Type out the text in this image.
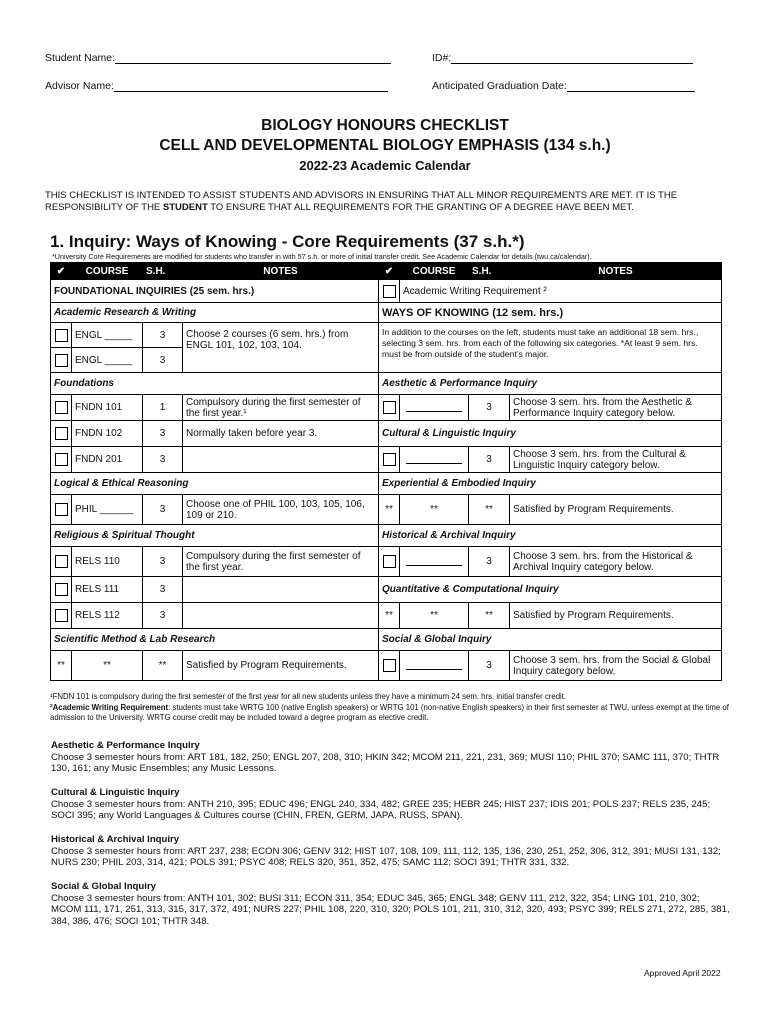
Student Name:	ID#:
Advisor Name:	Anticipated Graduation Date:
BIOLOGY HONOURS CHECKLIST
CELL AND DEVELOPMENTAL BIOLOGY EMPHASIS (134 s.h.)
2022-23 Academic Calendar
THIS CHECKLIST IS INTENDED TO ASSIST STUDENTS AND ADVISORS IN ENSURING THAT ALL MINOR REQUIREMENTS ARE MET. IT IS THE RESPONSIBILITY OF THE STUDENT TO ENSURE THAT ALL REQUIREMENTS FOR THE GRANTING OF A DEGREE HAVE BEEN MET.
1. Inquiry: Ways of Knowing - Core Requirements (37 s.h.*)
*University Core Requirements are modified for students who transfer in with 57 s.h. or more of initial transfer credit. See Academic Calendar for details (twu.ca/calendar).
✔	COURSE	S.H.	NOTES
FOUNDATIONAL INQUIRIES (25 sem. hrs.)			
Academic Research & Writing			
	ENGL _____	3	Choose 2 courses (6 sem. hrs.) from ENGL 101, 102, 103, 104.
	ENGL _____	3	
Foundations			
	FNDN 101	1	Compulsory during the first semester of the first year.¹
	FNDN 102	3	Normally taken before year 3.
	FNDN 201	3	
Logical & Ethical Reasoning			
	PHIL ______	3	Choose one of PHIL 100, 103, 105, 106, 109 or 210.
Religious & Spiritual Thought			
	RELS 110	3	Compulsory during the first semester of the first year.
	RELS 111	3	
	RELS 112	3	
Scientific Method & Lab Research			
**	**	**	Satisfied by Program Requirements.
✔	COURSE	S.H.	NOTES
	Academic Writing Requirement ²		
WAYS OF KNOWING (12 sem. hrs.)			
In addition to the courses on the left, students must take an additional 18 sem. hrs., selecting 3 sem. hrs. from each of the following six categories. *At least 9 sem. hrs. must be from outside of the student’s major.			
Aesthetic & Performance Inquiry			
		3	Choose 3 sem. hrs. from the Aesthetic & Performance Inquiry category below.
Cultural & Linguistic Inquiry			
		3	Choose 3 sem. hrs. from the Cultural & Linguistic Inquiry category below.
Experiential & Embodied Inquiry			
**	**	**	Satisfied by Program Requirements.
Historical & Archival Inquiry			
		3	Choose 3 sem. hrs. from the Historical & Archival Inquiry category below.
Quantitative & Computational Inquiry			
**	**	**	Satisfied by Program Requirements.
Social & Global Inquiry			
		3	Choose 3 sem. hrs. from the Social & Global Inquiry category below.
¹FNDN 101 is compulsory during the first semester of the first year for all new students unless they have a minimum 24 sem. hrs. initial transfer credit.
²Academic Writing Requirement: students must take WRTG 100 (native English speakers) or WRTG 101 (non-native English speakers) in their first semester at TWU, unless exempt at the time of admission to the University. WRTG course credit may be included toward a degree program as elective credit.
Aesthetic & Performance Inquiry
Choose 3 semester hours from: ART 181, 182, 250; ENGL 207, 208, 310; HKIN 342; MCOM 211, 221, 231, 369; MUSI 110; PHIL 370; SAMC 111, 370; THTR 130, 161; any Music Ensembles; any Music Lessons.
Cultural & Linguistic Inquiry
Choose 3 semester hours from: ANTH 210, 395; EDUC 496; ENGL 240, 334, 482; GREE 235; HEBR 245; HIST 237; IDIS 201; POLS 237; RELS 235, 245; SOCI 395; any World Languages & Cultures course (CHIN, FREN, GERM, JAPA, RUSS, SPAN).
Historical & Archival Inquiry
Choose 3 semester hours from: ART 237, 238; ECON 306; GENV 312; HIST 107, 108, 109, 111, 112, 135, 136, 230, 251, 252, 306, 312, 391; MUSI 131, 132; NURS 230; PHIL 203, 314, 421; POLS 391; PSYC 408; RELS 320, 351, 352, 475; SAMC 112; SOCI 391; THTR 331, 332.
Social & Global Inquiry
Choose 3 semester hours from: ANTH 101, 302; BUSI 311; ECON 311, 354; EDUC 345, 365; ENGL 348; GENV 111, 212, 322, 354; LING 101, 210, 302; MCOM 111, 171, 251, 313, 315, 317, 372, 491; NURS 227; PHIL 108, 220, 310, 320; POLS 101, 211, 310, 312, 320, 493; PSYC 399; RELS 271, 272, 285, 381, 384, 386, 476; SOCI 101; THTR 348.
Approved April 2022
